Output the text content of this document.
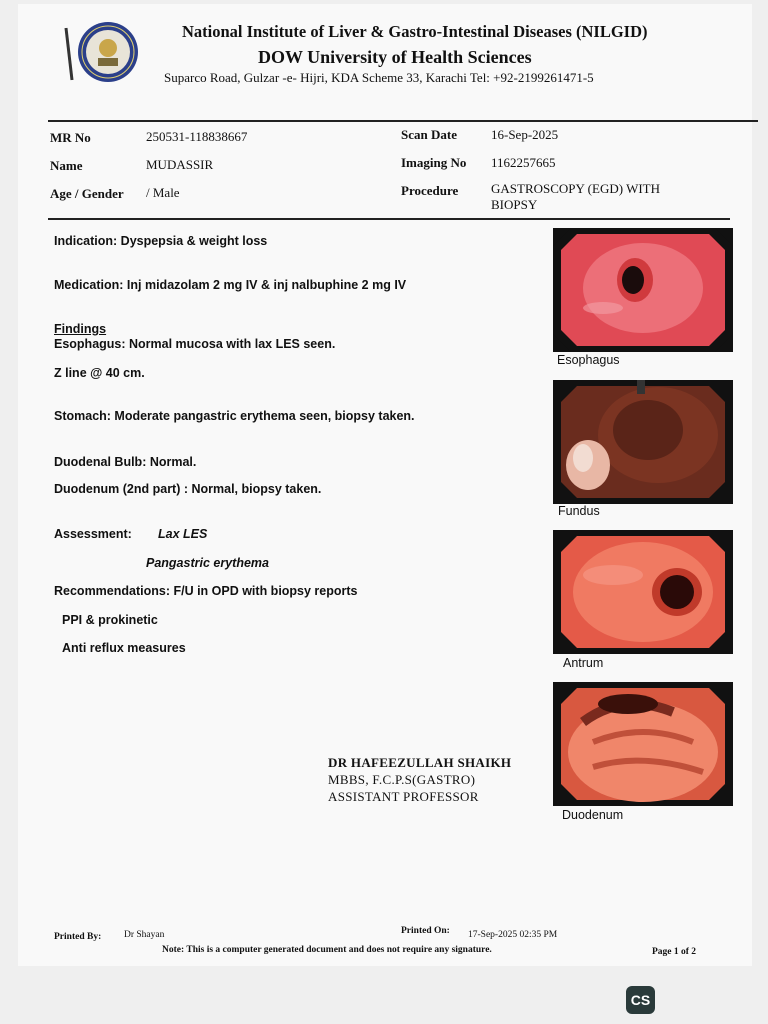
National Institute of Liver & Gastro-Intestinal Diseases (NILGID)
DOW University of Health Sciences
Suparco Road, Gulzar -e- Hijri, KDA Scheme 33, Karachi Tel: +92-2199261471-5
MR No	250531-118838667
Name	MUDASSIR
Age / Gender / Male
Scan Date	16-Sep-2025
Imaging No 1162257665
Procedure	GASTROSCOPY (EGD) WITH
BIOPSY
Indication: Dyspepsia & weight loss
Medication: Inj midazolam 2 mg IV & inj nalbuphine 2 mg IV
Findings
Esophagus: Normal mucosa with lax LES seen.
Z line @ 40 cm.
Stomach: Moderate pangastric erythema seen, biopsy taken.
Duodenal Bulb: Normal.
Duodenum (2nd part) : Normal, biopsy taken.
Assessment: Lax LES
Pangastric erythema
Recommendations: F/U in OPD with biopsy reports
PPI & prokinetic
Anti reflux measures
Esophagus
Fundus
Antrum
Duodenum
DR HAFEEZULLAH SHAIKH
MBBS, F.C.P.S(GASTRO)
ASSISTANT PROFESSOR
Printed By: Dr Shayan	Printed On: 17-Sep-2025 02:35 PM
Note: This is a computer generated document and does not require any signature.	Page 1 of 2
CS
